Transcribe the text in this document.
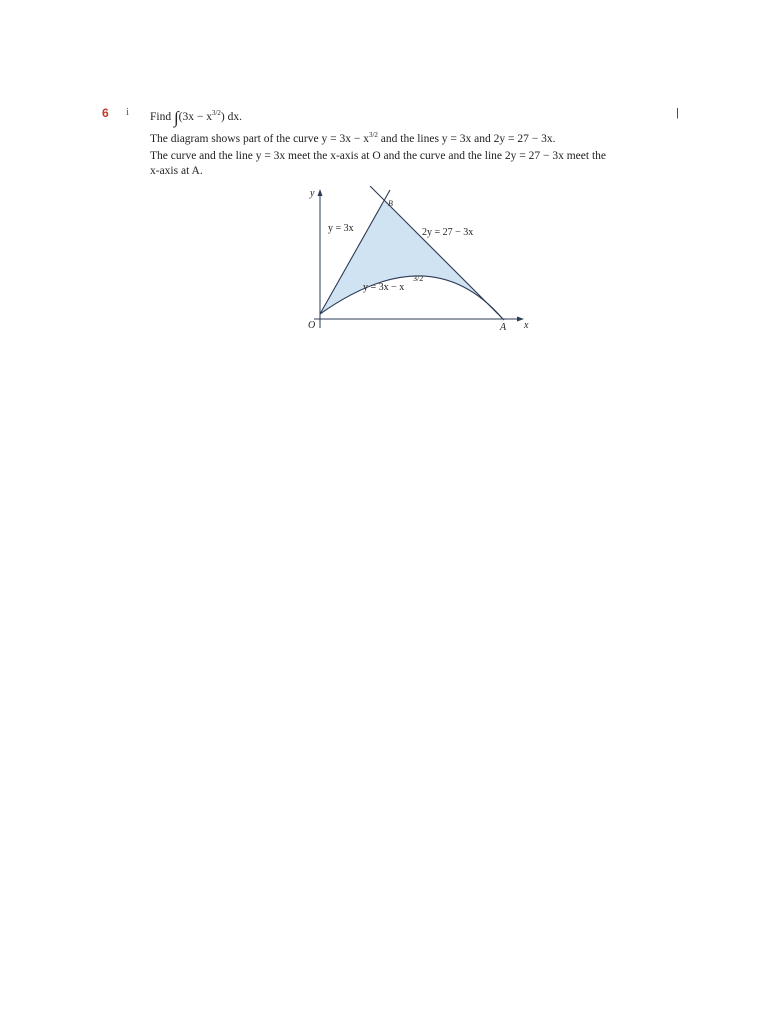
6 i	|
Find $\int(3x - x^{3/2})$ dx.
The diagram shows part of the curve $y = 3x - x^{3/2}$ and the lines y = 3x and 2y = 27 − 3x.
The curve and the line y = 3x meet the x-axis at O and the curve and the line 2y = 27 − 3x meet the
x-axis at A.
y
x
O	A
B
y = 3x	2y = 27 − 3x
y = 3x − x
3/2
